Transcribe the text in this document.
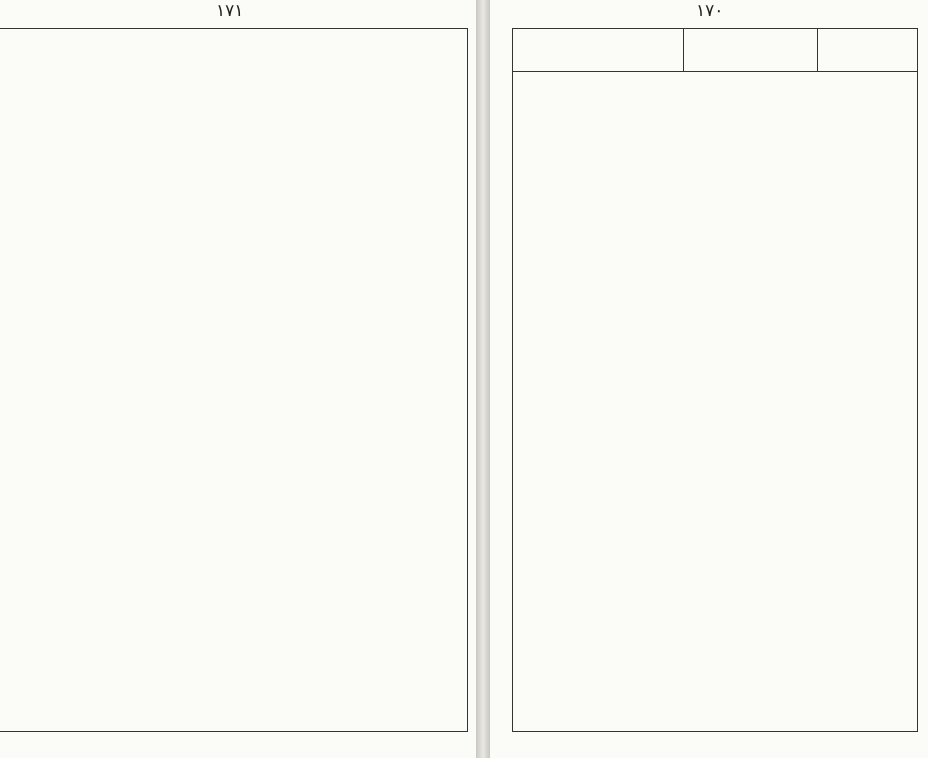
۱۷۱	۱۷۰
